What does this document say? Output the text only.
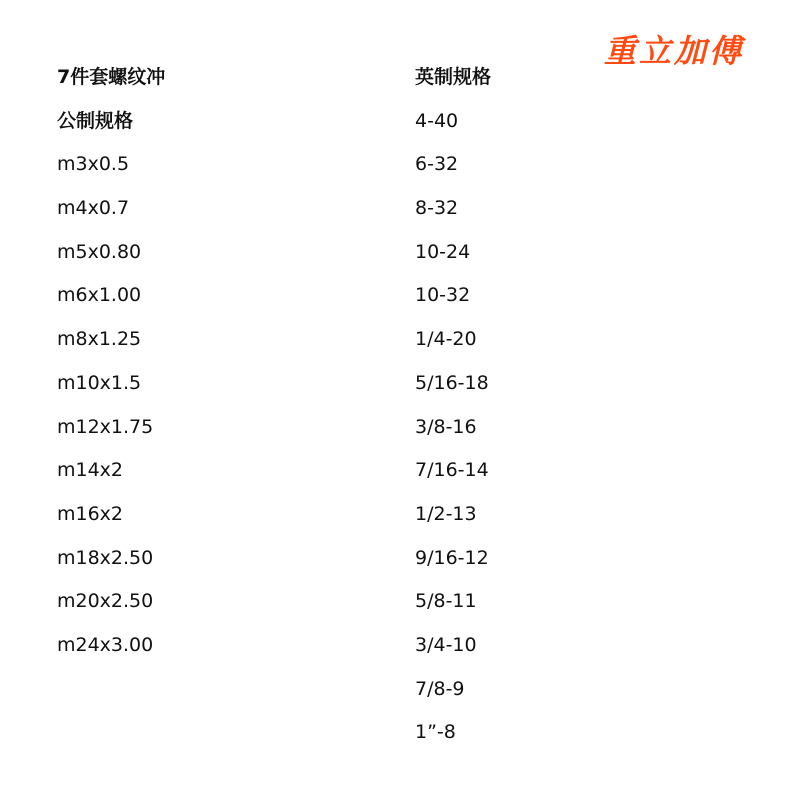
重立加傅
7件套螺纹冲
公制规格
m3x0.5
m4x0.7
m5x0.80
m6x1.00
m8x1.25
m10x1.5
m12x1.75
m14x2
m16x2
m18x2.50
m20x2.50
m24x3.00
英制规格
4-40
6-32
8-32
10-24
10-32
1/4-20
5/16-18
3/8-16
7/16-14
1/2-13
9/16-12
5/8-11
3/4-10
7/8-9
1”-8
